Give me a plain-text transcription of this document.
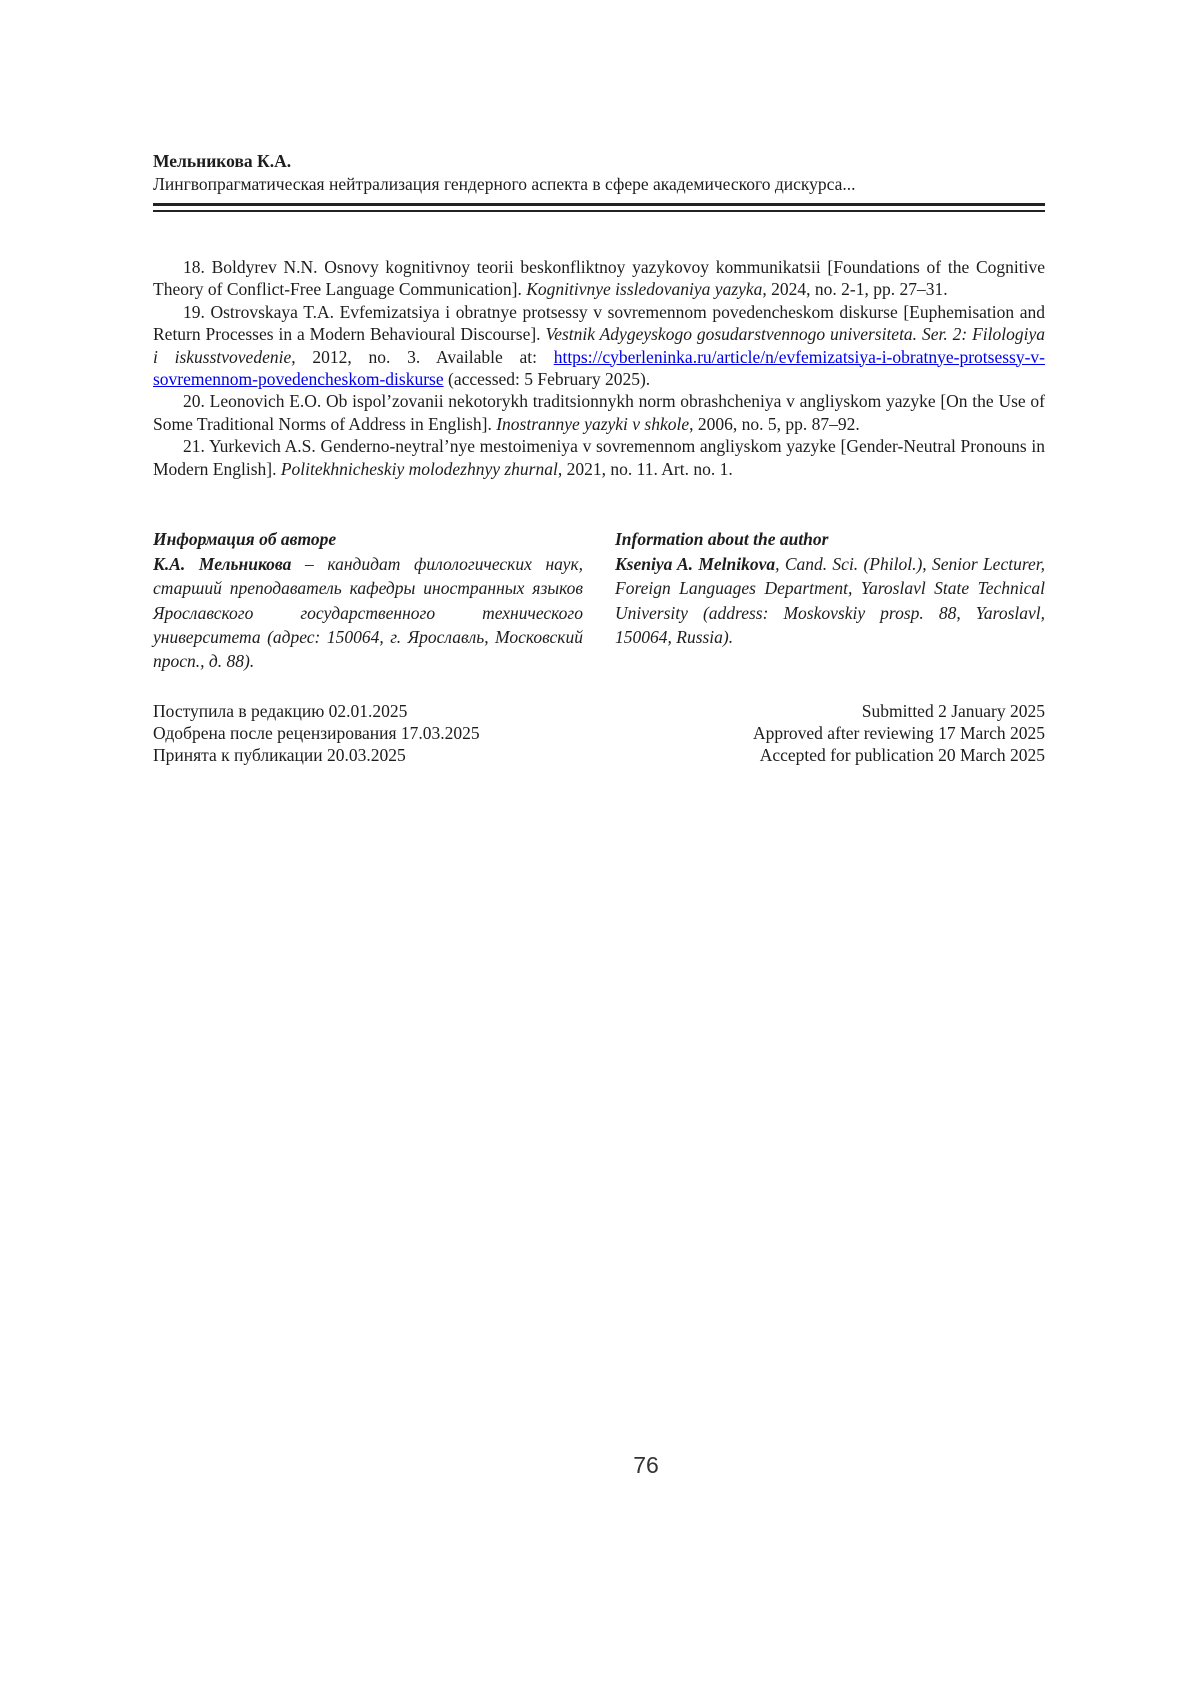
Мельникова К.А.
Лингвопрагматическая нейтрализация гендерного аспекта в сфере академического дискурса...

18. Boldyrev N.N. Osnovy kognitivnoy teorii beskonfliktnoy yazykovoy kommunikatsii [Foundations of the Cognitive Theory of Conflict-Free Language Communication]. Kognitivnye issledovaniya yazyka, 2024, no. 2-1, pp. 27–31.

19. Ostrovskaya T.A. Evfemizatsiya i obratnye protsessy v sovremennom povedencheskom diskurse [Euphemisation and Return Processes in a Modern Behavioural Discourse]. Vestnik Adygeyskogo gosudarstvennogo universiteta. Ser. 2: Filologiya i iskusstvovedenie, 2012, no. 3. Available at: https://cyberleninka.ru/article/n/evfemizatsiya-i-obratnye-protsessy-v-sovremennom-povedencheskom-diskurse (accessed: 5 February 2025).

20. Leonovich E.O. Ob ispol’zovanii nekotorykh traditsionnykh norm obrashcheniya v angliyskom yazyke [On the Use of Some Traditional Norms of Address in English]. Inostrannye yazyki v shkole, 2006, no. 5, pp. 87–92.

21. Yurkevich A.S. Genderno-neytral’nye mestoimeniya v sovremennom angliyskom yazyke [Gender-Neutral Pronouns in Modern English]. Politekhnicheskiy molodezhnyy zhurnal, 2021, no. 11. Art. no. 1.

Информация об авторе

К.А. Мельникова – кандидат филологических наук, старший преподаватель кафедры иностранных языков Ярославского государственного технического университета (адрес: 150064, г. Ярославль, Московский просп., д. 88).

Information about the author

Kseniya A. Melnikova, Cand. Sci. (Philol.), Senior Lecturer, Foreign Languages Department, Yaroslavl State Technical University (address: Moskovskiy prosp. 88, Yaroslavl, 150064, Russia).

Поступила в редакцию 02.01.2025
Одобрена после рецензирования 17.03.2025
Принята к публикации 20.03.2025
Submitted 2 January 2025
Approved after reviewing 17 March 2025
Accepted for publication 20 March 2025
76
